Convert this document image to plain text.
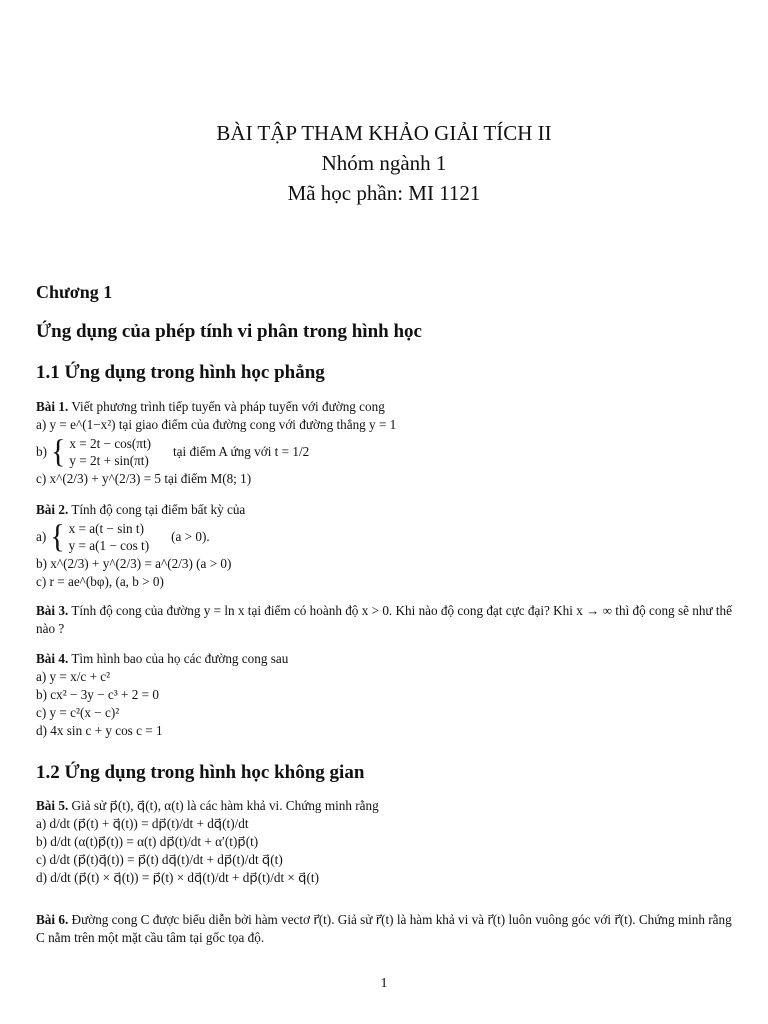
BÀI TẬP THAM KHẢO GIẢI TÍCH II
Nhóm ngành 1
Mã học phần: MI 1121
Chương 1
Ứng dụng của phép tính vi phân trong hình học
1.1 Ứng dụng trong hình học phẳng
Bài 1. Viết phương trình tiếp tuyến và pháp tuyến với đường cong
a) y = e^(1−x²) tại giao điểm của đường cong với đường thẳng y = 1
b) { x = 2t − cos(πt)
y = 2t + sin(πt)
tại điểm A ứng với t = 1/2
c) x^(2/3) + y^(2/3) = 5 tại điểm M(8; 1)
Bài 2. Tính độ cong tại điểm bất kỳ của
a) { x = a(t − sin t)
y = a(1 − cos t)
(a > 0).
b) x^(2/3) + y^(2/3) = a^(2/3) (a > 0)
c) r = ae^(bφ), (a, b > 0)
Bài 3. Tính độ cong của đường y = ln x tại điểm có hoành độ x > 0. Khi nào độ cong đạt cực đại? Khi x → ∞ thì độ cong sẽ như thế nào ?
Bài 4. Tìm hình bao của họ các đường cong sau
a) y = x/c + c²
b) cx² − 3y − c³ + 2 = 0
c) y = c²(x − c)²
d) 4x sin c + y cos c = 1
1.2 Ứng dụng trong hình học không gian
Bài 5. Giả sử p⃗(t), q⃗(t), α(t) là các hàm khả vi. Chứng minh rằng
a) d/dt (p⃗(t) + q⃗(t)) = dp⃗(t)/dt + dq⃗(t)/dt
b) d/dt (α(t)p⃗(t)) = α(t) dp⃗(t)/dt + α′(t)p⃗(t)
c) d/dt (p⃗(t)q⃗(t)) = p⃗(t) dq⃗(t)/dt + dp⃗(t)/dt q⃗(t)
d) d/dt (p⃗(t) × q⃗(t)) = p⃗(t) × dq⃗(t)/dt + dp⃗(t)/dt × q⃗(t)
Bài 6. Đường cong C được biểu diễn bởi hàm vectơ r⃗(t). Giả sử r⃗(t) là hàm khả vi và r⃗(t) luôn vuông góc với r⃗(t). Chứng minh rằng C nằm trên một mặt cầu tâm tại gốc tọa độ.
1
